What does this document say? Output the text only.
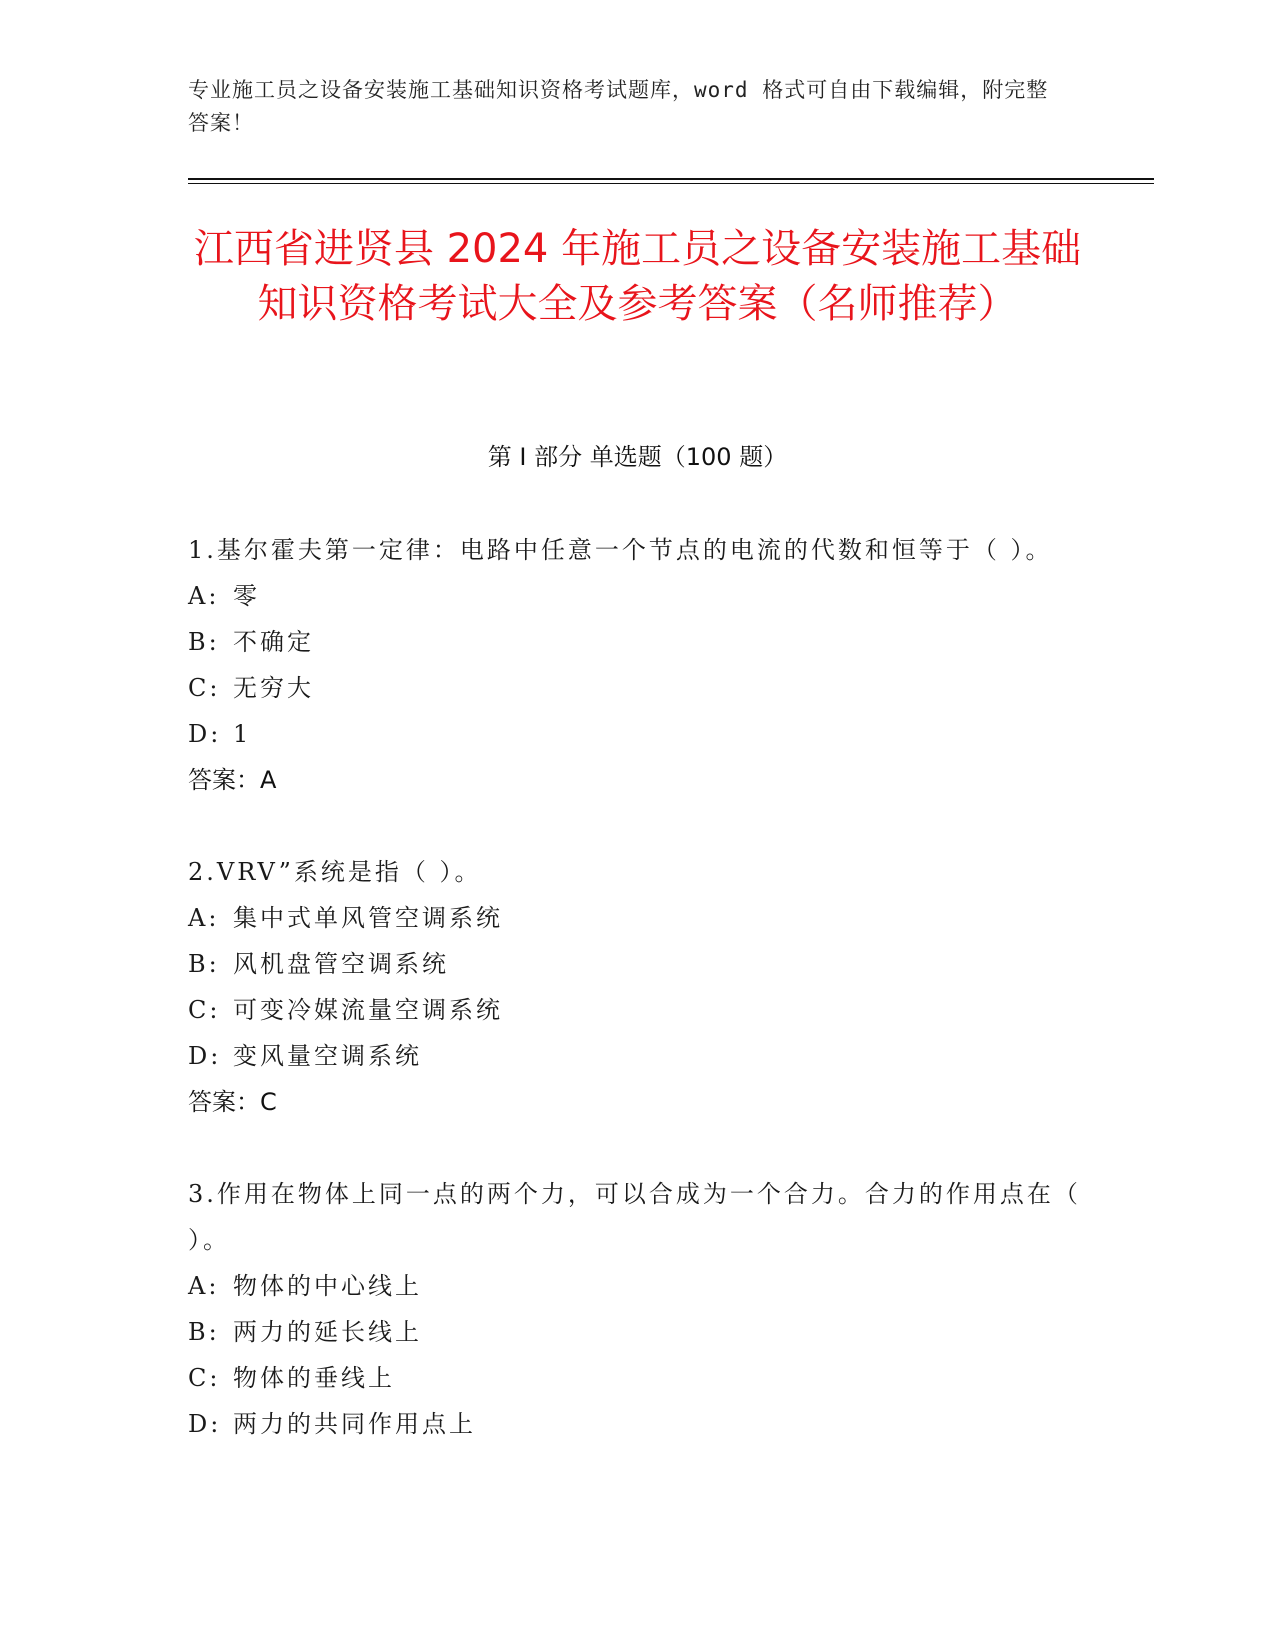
专业施工员之设备安装施工基础知识资格考试题库，word 格式可自由下载编辑，附完整答案！
江西省进贤县 2024 年施工员之设备安装施工基础知识资格考试大全及参考答案（名师推荐）
第 I 部分 单选题（100 题）
1.基尔霍夫第一定律：电路中任意一个节点的电流的代数和恒等于（ ）。
A: 零
B: 不确定
C: 无穷大
D: 1
答案：A
2.VRV”系统是指（ ）。
A: 集中式单风管空调系统
B: 风机盘管空调系统
C: 可变冷媒流量空调系统
D: 变风量空调系统
答案：C
3.作用在物体上同一点的两个力，可以合成为一个合力。合力的作用点在（ ）。
A: 物体的中心线上
B: 两力的延长线上
C: 物体的垂线上
D: 两力的共同作用点上
